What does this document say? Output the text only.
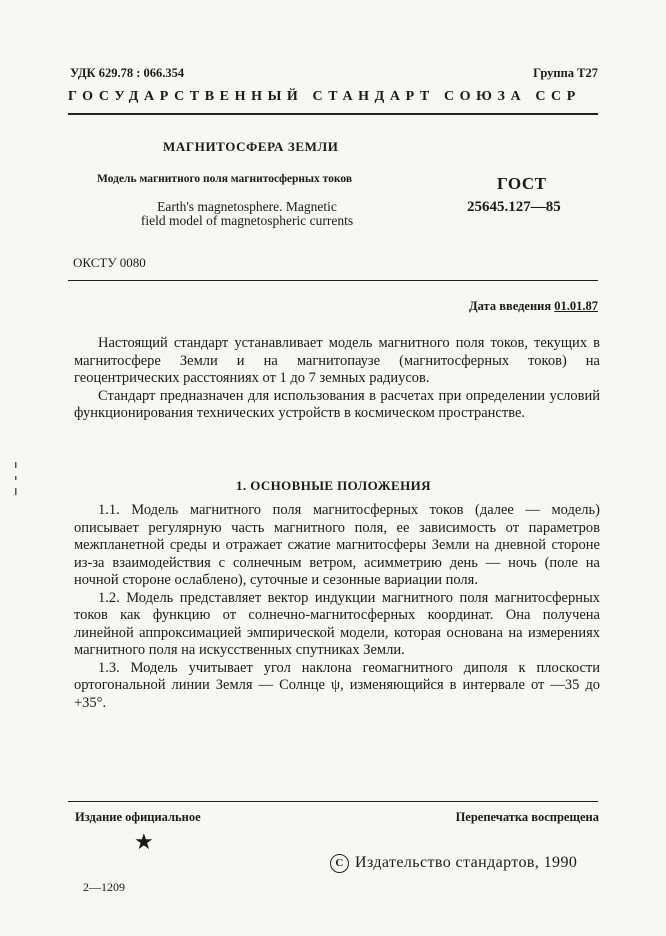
УДК 629.78 : 066.354	Группа Т27
ГОСУДАРСТВЕННЫЙ СТАНДАРТ СОЮЗА ССР
МАГНИТОСФЕРА ЗЕМЛИ
Модель магнитного поля магнитосферных токов
Earth's magnetosphere. Magnetic
field model of magnetospheric currents
ГОСТ
25645.127—85
ОКСТУ 0080
Дата введения 01.01.87

Настоящий стандарт устанавливает модель магнитного поля токов, текущих в магнитосфере Земли и на магнитопаузе (магнитосферных токов) на геоцентрических расстояниях от 1 до 7 земных радиусов.

Стандарт предназначен для использования в расчетах при определении условий функционирования технических устройств в космическом пространстве.

1. ОСНОВНЫЕ ПОЛОЖЕНИЯ

1.1. Модель магнитного поля магнитосферных токов (далее — модель) описывает регулярную часть магнитного поля, ее зависимость от параметров межпланетной среды и отражает сжатие магнитосферы Земли на дневной стороне из-за взаимодействия с солнечным ветром, асимметрию день — ночь (поле на ночной стороне ослаблено), суточные и сезонные вариации поля.

1.2. Модель представляет вектор индукции магнитного поля магнитосферных токов как функцию от солнечно-магнитосферных координат. Она получена линейной аппроксимацией эмпирической модели, которая основана на измерениях магнитного поля на искусственных спутниках Земли.

1.3. Модель учитывает угол наклона геомагнитного диполя к плоскости ортогональной линии Земля — Солнце ψ, изменяющийся в интервале от —35 до +35°.

Издание официальное	Перепечатка воспрещена
★
С Издательство стандартов, 1990
2—1209
